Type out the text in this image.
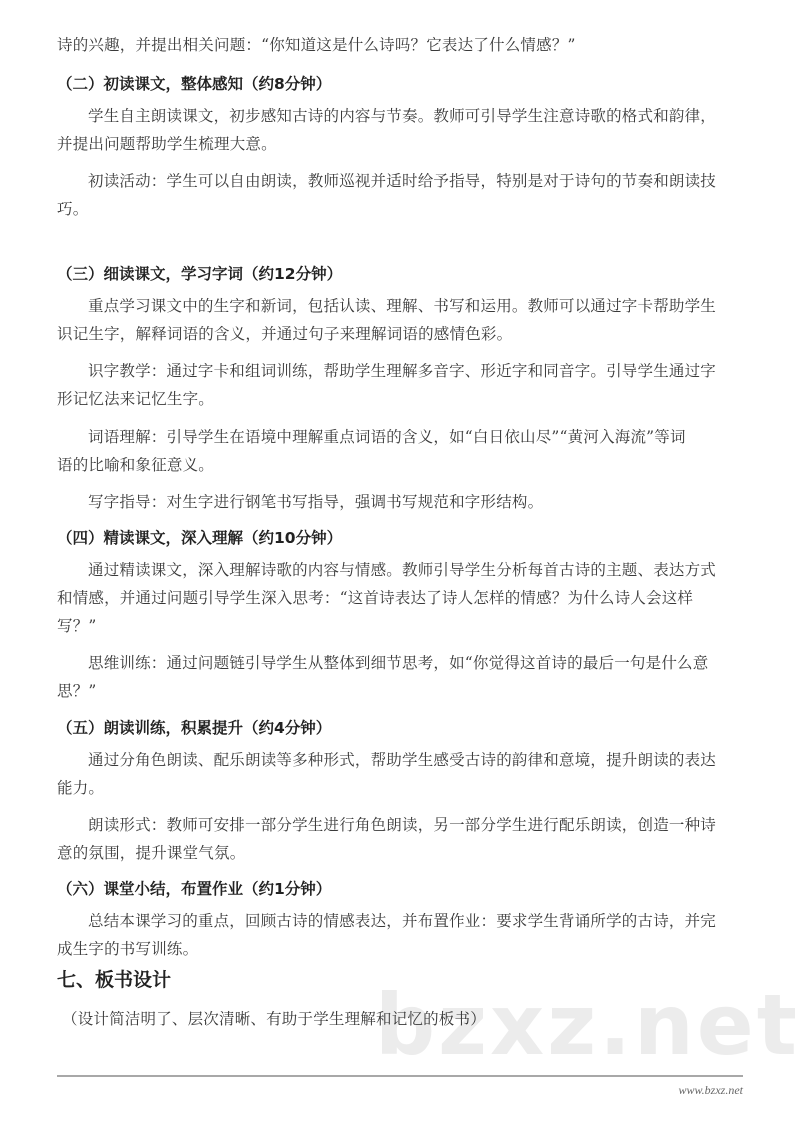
bzxz.net
诗的兴趣，并提出相关问题：“你知道这是什么诗吗？它表达了什么情感？”
（二）初读课文，整体感知（约8分钟）
学生自主朗读课文，初步感知古诗的内容与节奏。教师可引导学生注意诗歌的格式和韵律，
并提出问题帮助学生梳理大意。
初读活动：学生可以自由朗读，教师巡视并适时给予指导，特别是对于诗句的节奏和朗读技
巧。
（三）细读课文，学习字词（约12分钟）
重点学习课文中的生字和新词，包括认读、理解、书写和运用。教师可以通过字卡帮助学生
识记生字，解释词语的含义，并通过句子来理解词语的感情色彩。
识字教学：通过字卡和组词训练，帮助学生理解多音字、形近字和同音字。引导学生通过字
形记忆法来记忆生字。
词语理解：引导学生在语境中理解重点词语的含义，如“白日依山尽”“黄河入海流”等词
语的比喻和象征意义。
写字指导：对生字进行钢笔书写指导，强调书写规范和字形结构。
（四）精读课文，深入理解（约10分钟）
通过精读课文，深入理解诗歌的内容与情感。教师引导学生分析每首古诗的主题、表达方式
和情感，并通过问题引导学生深入思考：“这首诗表达了诗人怎样的情感？为什么诗人会这样
写？”
思维训练：通过问题链引导学生从整体到细节思考，如“你觉得这首诗的最后一句是什么意
思？”
（五）朗读训练，积累提升（约4分钟）
通过分角色朗读、配乐朗读等多种形式，帮助学生感受古诗的韵律和意境，提升朗读的表达
能力。
朗读形式：教师可安排一部分学生进行角色朗读，另一部分学生进行配乐朗读，创造一种诗
意的氛围，提升课堂气氛。
（六）课堂小结，布置作业（约1分钟）
总结本课学习的重点，回顾古诗的情感表达，并布置作业：要求学生背诵所学的古诗，并完
成生字的书写训练。
七、板书设计
（设计简洁明了、层次清晰、有助于学生理解和记忆的板书）
www.bzxz.net
